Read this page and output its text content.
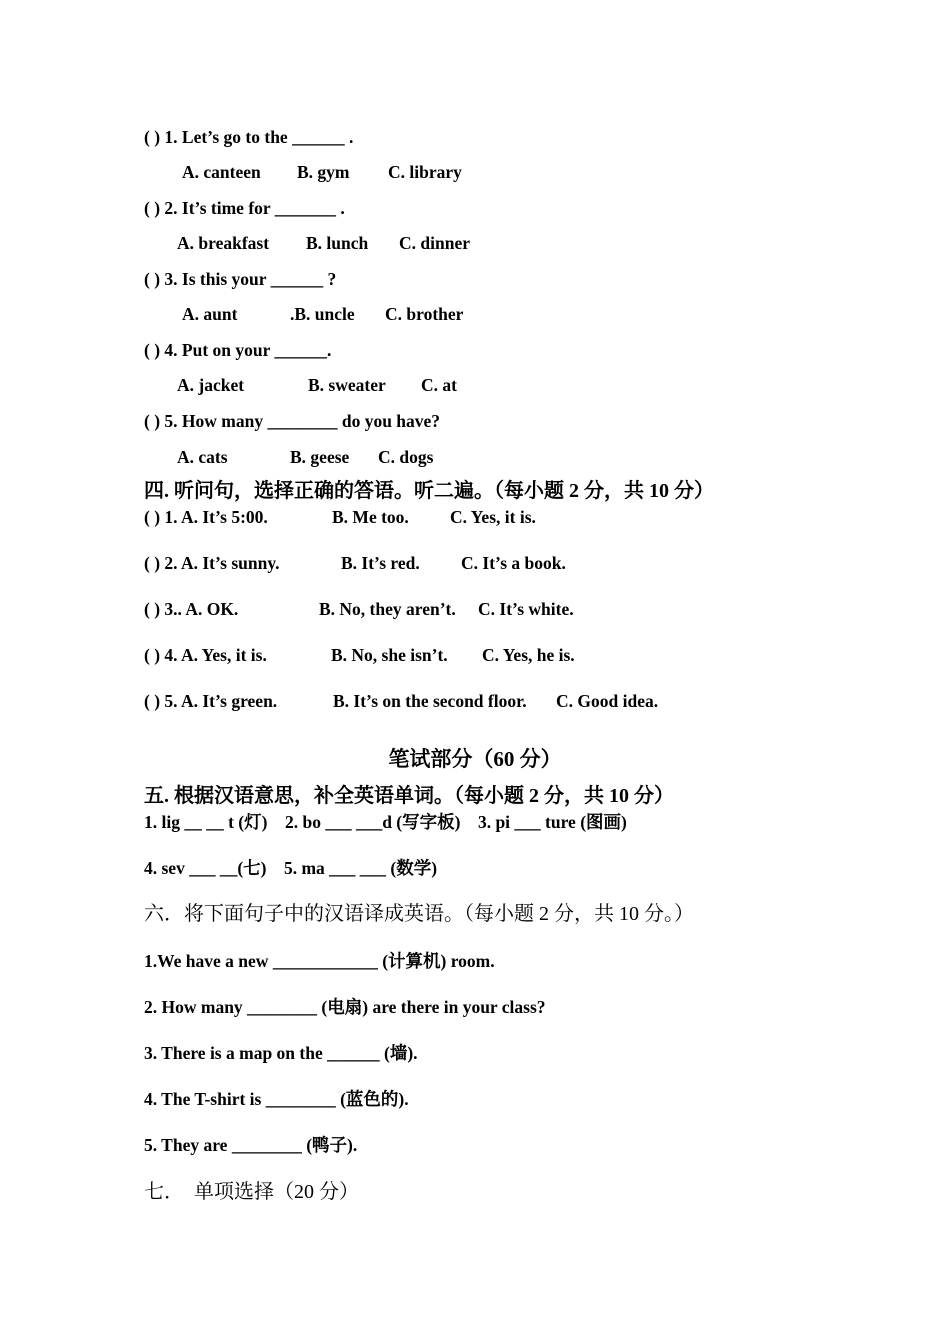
( ) 1. Let’s go to the ______ .
A. canteen B. gym C. library
( ) 2. It’s time for _______ .
A. breakfast B. lunch C. dinner
( ) 3. Is this your ______ ?
A. aunt	.B. uncle C. brother
( ) 4. Put on your ______.
A. jacket	B. sweater C. at
( ) 5. How many ________ do you have?
A. cats	B. geese C. dogs
四. 听问句，选择正确的答语。听二遍。（每小题 2 分，共 10 分）
( ) 1. A. It’s 5:00.	B. Me too. C. Yes, it is.
( ) 2. A. It’s sunny.	B. It’s red. C. It’s a book.
( ) 3.. A. OK.	B. No, they aren’t. C. It’s white.
( ) 4. A. Yes, it is.	B. No, she isn’t. C. Yes, he is.
( ) 5. A. It’s green.	B. It’s on the second floor. C. Good idea.
笔试部分（60 分）
五. 根据汉语意思，补全英语单词。（每小题 2 分，共 10 分）
1. lig __ __ t (灯)    2. bo ___ ___d (写字板)    3. pi ___ ture (图画)
4. sev ___ __(七)    5. ma ___ ___ (数学)
六．将下面句子中的汉语译成英语。（每小题 2 分，共 10 分。）
1.We have a new ____________ (计算机) room.
2. How many ________ (电扇) are there in your class?
3. There is a map on the ______ (墙).
4. The T-shirt is ________ (蓝色的).
5. They are ________ (鸭子).
七．  单项选择（20 分）
